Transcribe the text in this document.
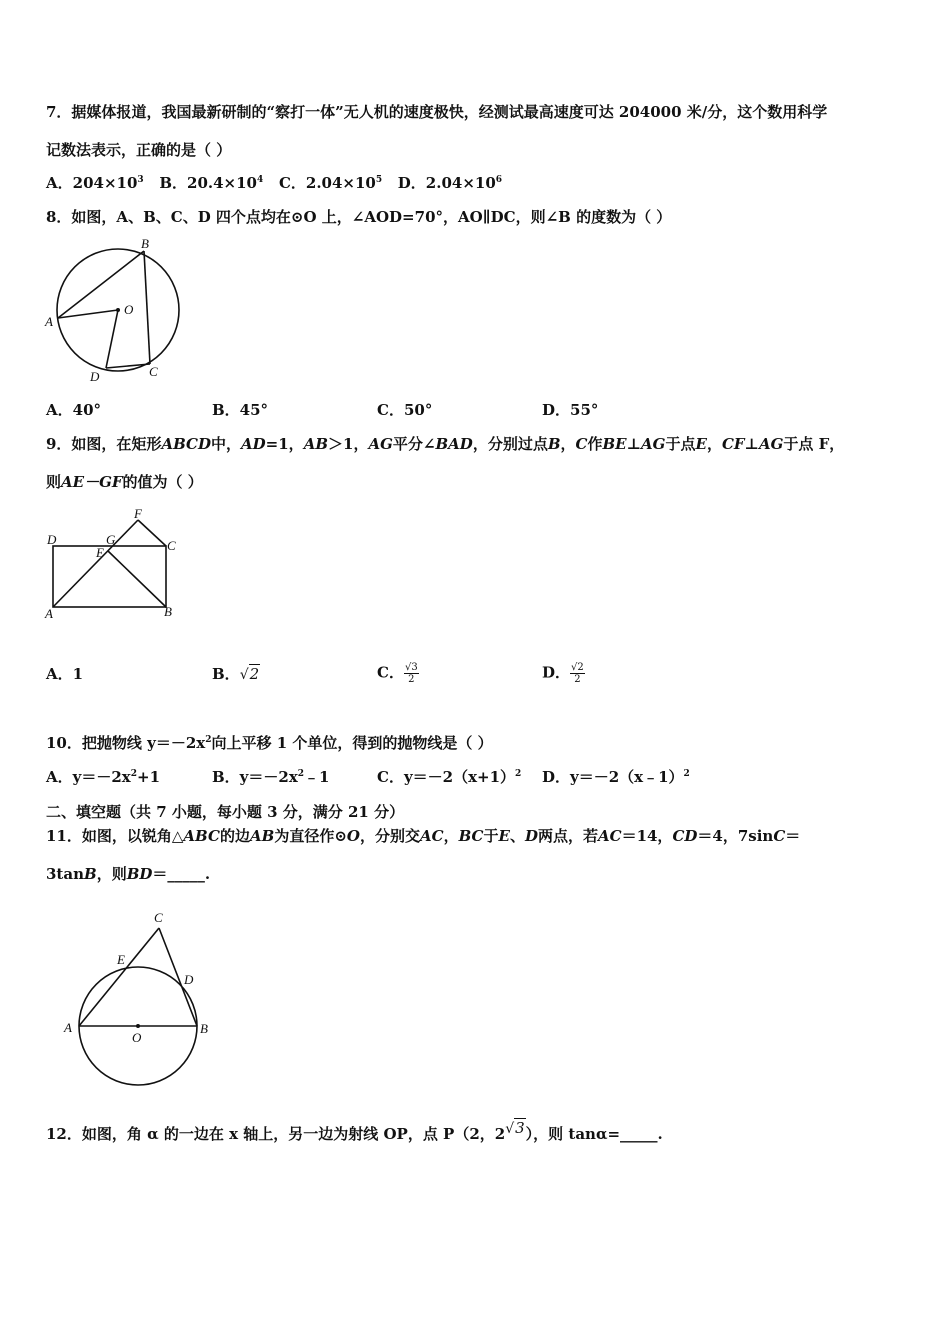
7．据媒体报道，我国最新研制的“察打一体”无人机的速度极快，经测试最高速度可达 204000 米/分，这个数用科学
记数法表示，正确的是（ ）
A．$204\times 10^3$ B．$20.4\times 10^4$ C．$2.04\times 10^5$ D．$2.04\times 10^6$
8．如图，A、B、C、D 四个点均在⊙O 上，∠AOD=70°，AO∥DC，则∠B 的度数为（ ）
A
B
C
D
O
A．40°	B．45°	C．50°	D．55°
9．如图，在矩形ABCD中，AD=1，AB＞1，AG平分∠BAD，分别过点B，C作BE⊥AG于点E，CF⊥AG于点 F，
则AE－GF的值为（ ）
D	C
A	B
F
G
E
A．1	B．√2	C． $\frac{√3}{2}$	D． $\frac{√2}{2}$
10．把抛物线 $y=-2x^2$向上平移 1 个单位，得到的抛物线是（ ）
A．$y=-2x^2+1$	B．$y=-2x^2﹣1$	C．$y=-2(x+1)^2$ D．y＝－2（x﹣1）$^2$
二、填空题（共 7 小题，每小题 3 分，满分 21 分）
11．如图，以锐角△ABC的边AB为直径作⊙O，分别交AC，BC于E、D两点，若AC＝14，CD＝4，7sinC＝
3tanB，则BD＝_____.
C
E
D
A	B
O
12．如图，角 α 的一边在 x 轴上，另一边为射线 OP，点 P（2，2√3），则 tanα=_____.
